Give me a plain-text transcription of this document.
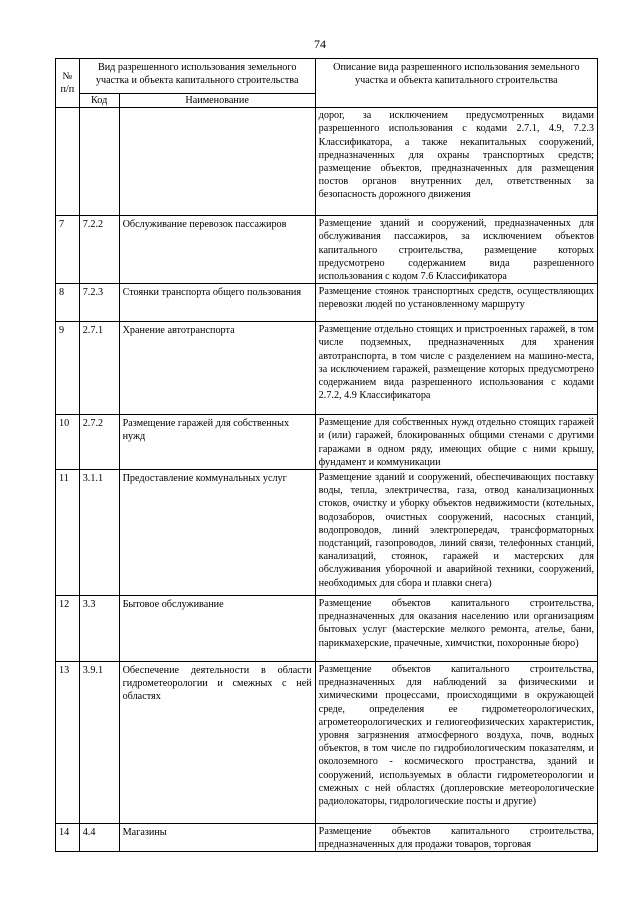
74
№ п/п	Вид разрешенного использования земельного участка и объекта капитального строительства		Описание вида разрешенного использования земельного участка и объекта капитального строительства
	Код	Наименование	
			дорог, за исключением предусмотренных видами разрешенного использования с кодами 2.7.1, 4.9, 7.2.3 Классификатора, а также некапитальных сооружений, предназначенных для охраны транспортных средств; размещение объектов, предназначенных для размещения постов органов внутренних дел, ответственных за безопасность дорожного движения
7	7.2.2	Обслуживание перевозок пассажиров	Размещение зданий и сооружений, предназначенных для обслуживания пассажиров, за исключением объектов капитального строительства, размещение которых предусмотрено содержанием вида разрешенного использования с кодом 7.6 Классификатора
8	7.2.3	Стоянки транспорта общего пользования	Размещение стоянок транспортных средств, осуществляющих перевозки людей по установленному маршруту
9	2.7.1	Хранение автотранспорта	Размещение отдельно стоящих и пристроенных гаражей, в том числе подземных, предназначенных для хранения автотранспорта, в том числе с разделением на машино-места, за исключением гаражей, размещение которых предусмотрено содержанием вида разрешенного использования с кодами 2.7.2, 4.9 Классификатора
10	2.7.2	Размещение гаражей для собственных нужд	Размещение для собственных нужд отдельно стоящих гаражей и (или) гаражей, блокированных общими стенами с другими гаражами в одном ряду, имеющих общие с ними крышу, фундамент и коммуникации
11	3.1.1	Предоставление коммунальных услуг	Размещение зданий и сооружений, обеспечивающих поставку воды, тепла, электричества, газа, отвод канализационных стоков, очистку и уборку объектов недвижимости (котельных, водозаборов, очистных сооружений, насосных станций, водопроводов, линий электропередач, трансформаторных подстанций, газопроводов, линий связи, телефонных станций, канализаций, стоянок, гаражей и мастерских для обслуживания уборочной и аварийной техники, сооружений, необходимых для сбора и плавки снега)
12	3.3	Бытовое обслуживание	Размещение объектов капитального строительства, предназначенных для оказания населению или организациям бытовых услуг (мастерские мелкого ремонта, ателье, бани, парикмахерские, прачечные, химчистки, похоронные бюро)
13	3.9.1	Обеспечение деятельности в области гидрометеорологии и смежных с ней областях	Размещение объектов капитального строительства, предназначенных для наблюдений за физическими и химическими процессами, происходящими в окружающей среде, определения ее гидрометеорологических, агрометеорологических и гелиогеофизических характеристик, уровня загрязнения атмосферного воздуха, почв, водных объектов, в том числе по гидробиологическим показателям, и околоземного - космического пространства, зданий и сооружений, используемых в области гидрометеорологии и смежных с ней областях (доплеровские метеорологические радиолокаторы, гидрологические посты и другие)
14	4.4	Магазины	Размещение объектов капитального строительства, предназначенных для продажи товаров, торговая
